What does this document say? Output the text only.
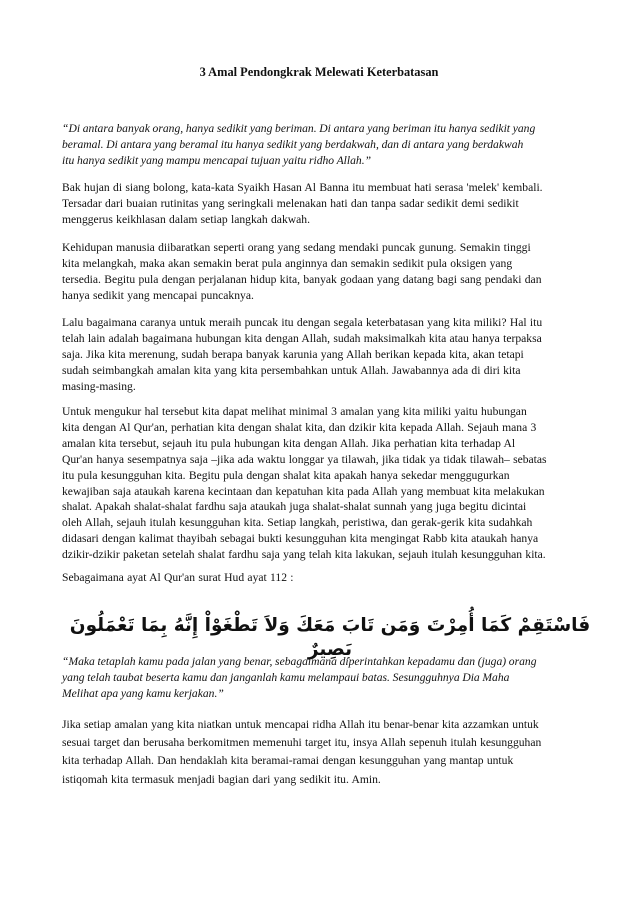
3 Amal Pendongkrak Melewati Keterbatasan
“Di antara banyak orang, hanya sedikit yang beriman. Di antara yang beriman itu hanya sedikit yang
beramal. Di antara yang beramal itu hanya sedikit yang berdakwah, dan di antara yang berdakwah
itu hanya sedikit yang mampu mencapai tujuan yaitu ridho Allah.”
Bak hujan di siang bolong, kata-kata Syaikh Hasan Al Banna itu membuat hati serasa 'melek' kembali.
Tersadar dari buaian rutinitas yang seringkali melenakan hati dan tanpa sadar sedikit demi sedikit
menggerus keikhlasan dalam setiap langkah dakwah.
Kehidupan manusia diibaratkan seperti orang yang sedang mendaki puncak gunung. Semakin tinggi
kita melangkah, maka akan semakin berat pula anginnya dan semakin sedikit pula oksigen yang
tersedia. Begitu pula dengan perjalanan hidup kita, banyak godaan yang datang bagi sang pendaki dan
hanya sedikit yang mencapai puncaknya.
Lalu bagaimana caranya untuk meraih puncak itu dengan segala keterbatasan yang kita miliki? Hal itu
telah lain adalah bagaimana hubungan kita dengan Allah, sudah maksimalkah kita atau hanya terpaksa
saja. Jika kita merenung, sudah berapa banyak karunia yang Allah berikan kepada kita, akan tetapi
sudah seimbangkah amalan kita yang kita persembahkan untuk Allah. Jawabannya ada di diri kita
masing-masing.
Untuk mengukur hal tersebut kita dapat melihat minimal 3 amalan yang kita miliki yaitu hubungan
kita dengan Al Qur'an, perhatian kita dengan shalat kita, dan dzikir kita kepada Allah. Sejauh mana 3
amalan kita tersebut, sejauh itu pula hubungan kita dengan Allah. Jika perhatian kita terhadap Al
Qur'an hanya sesempatnya saja –jika ada waktu longgar ya tilawah, jika tidak ya tidak tilawah– sebatas
itu pula kesungguhan kita. Begitu pula dengan shalat kita apakah hanya sekedar menggugurkan
kewajiban saja ataukah karena kecintaan dan kepatuhan kita pada Allah yang membuat kita melakukan
shalat. Apakah shalat-shalat fardhu saja ataukah juga shalat-shalat sunnah yang juga begitu dicintai
oleh Allah, sejauh itulah kesungguhan kita. Setiap langkah, peristiwa, dan gerak-gerik kita sudahkah
didasari dengan kalimat thayibah sebagai bukti kesungguhan kita mengingat Rabb kita ataukah hanya
dzikir-dzikir paketan setelah shalat fardhu saja yang telah kita lakukan, sejauh itulah kesungguhan kita.
Sebagaimana ayat Al Qur'an surat Hud ayat 112 :
فَاسْتَقِمْ كَمَا أُمِرْتَ وَمَن تَابَ مَعَكَ وَلاَ تَطْغَوْاْ إِنَّهُ بِمَا تَعْمَلُونَ بَصِيرٌ
“Maka tetaplah kamu pada jalan yang benar, sebagaimana diperintahkan kepadamu dan (juga) orang
yang telah taubat beserta kamu dan janganlah kamu melampaui batas. Sesungguhnya Dia Maha
Melihat apa yang kamu kerjakan.”
Jika setiap amalan yang kita niatkan untuk mencapai ridha Allah itu benar-benar kita azzamkan untuk
sesuai target dan berusaha berkomitmen memenuhi target itu, insya Allah sepenuh itulah kesungguhan
kita terhadap Allah. Dan hendaklah kita beramai-ramai dengan kesungguhan yang mantap untuk
istiqomah kita termasuk menjadi bagian dari yang sedikit itu. Amin.
